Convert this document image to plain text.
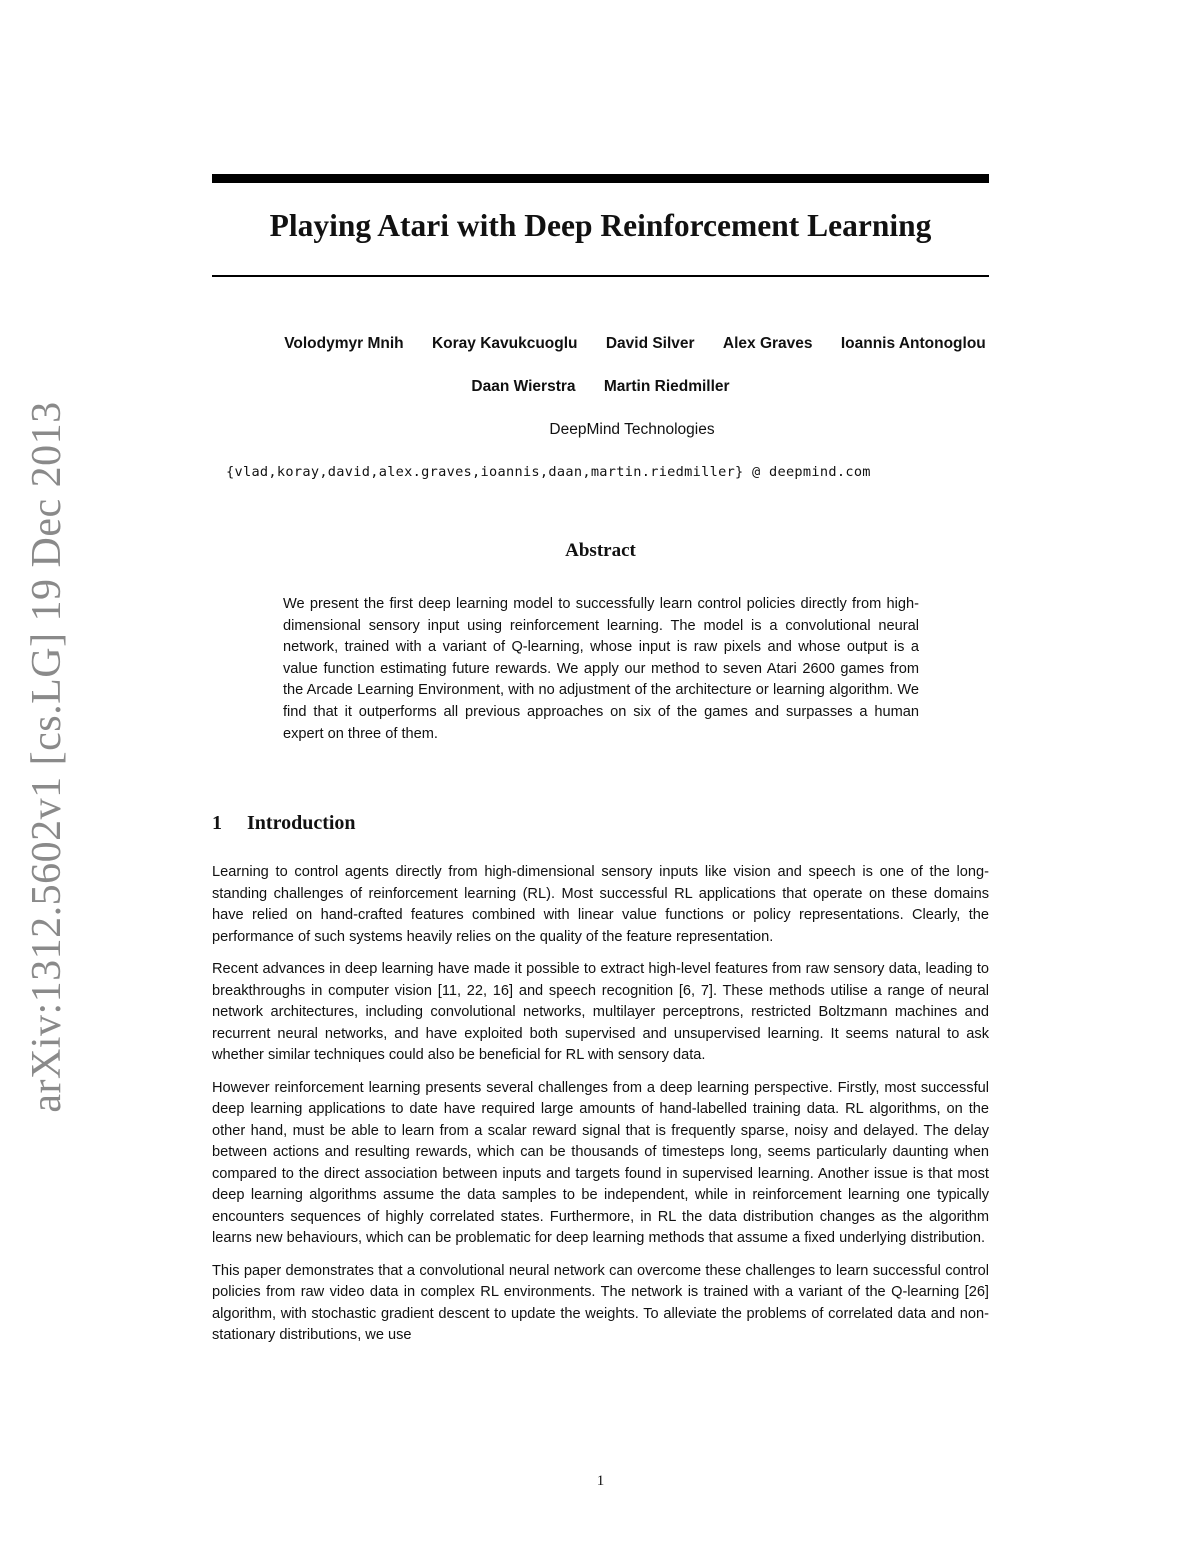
arXiv:1312.5602v1 [cs.LG] 19 Dec 2013
Playing Atari with Deep Reinforcement Learning
Volodymyr Mnih Koray Kavukcuoglu David Silver Alex Graves Ioannis Antonoglou
Daan Wierstra Martin Riedmiller
DeepMind Technologies
{vlad,koray,david,alex.graves,ioannis,daan,martin.riedmiller} @ deepmind.com
Abstract

We present the first deep learning model to successfully learn control policies directly from high-dimensional sensory input using reinforcement learning. The model is a convolutional neural network, trained with a variant of Q-learning, whose input is raw pixels and whose output is a value function estimating future rewards. We apply our method to seven Atari 2600 games from the Arcade Learning Environment, with no adjustment of the architecture or learning algorithm. We find that it outperforms all previous approaches on six of the games and surpasses a human expert on three of them.

1 Introduction

Learning to control agents directly from high-dimensional sensory inputs like vision and speech is one of the long-standing challenges of reinforcement learning (RL). Most successful RL applications that operate on these domains have relied on hand-crafted features combined with linear value functions or policy representations. Clearly, the performance of such systems heavily relies on the quality of the feature representation.

Recent advances in deep learning have made it possible to extract high-level features from raw sensory data, leading to breakthroughs in computer vision [11, 22, 16] and speech recognition [6, 7]. These methods utilise a range of neural network architectures, including convolutional networks, multilayer perceptrons, restricted Boltzmann machines and recurrent neural networks, and have exploited both supervised and unsupervised learning. It seems natural to ask whether similar techniques could also be beneficial for RL with sensory data.

However reinforcement learning presents several challenges from a deep learning perspective. Firstly, most successful deep learning applications to date have required large amounts of hand-labelled training data. RL algorithms, on the other hand, must be able to learn from a scalar reward signal that is frequently sparse, noisy and delayed. The delay between actions and resulting rewards, which can be thousands of timesteps long, seems particularly daunting when compared to the direct association between inputs and targets found in supervised learning. Another issue is that most deep learning algorithms assume the data samples to be independent, while in reinforcement learning one typically encounters sequences of highly correlated states. Furthermore, in RL the data distribution changes as the algorithm learns new behaviours, which can be problematic for deep learning methods that assume a fixed underlying distribution.

This paper demonstrates that a convolutional neural network can overcome these challenges to learn successful control policies from raw video data in complex RL environments. The network is trained with a variant of the Q-learning [26] algorithm, with stochastic gradient descent to update the weights. To alleviate the problems of correlated data and non-stationary distributions, we use

1
